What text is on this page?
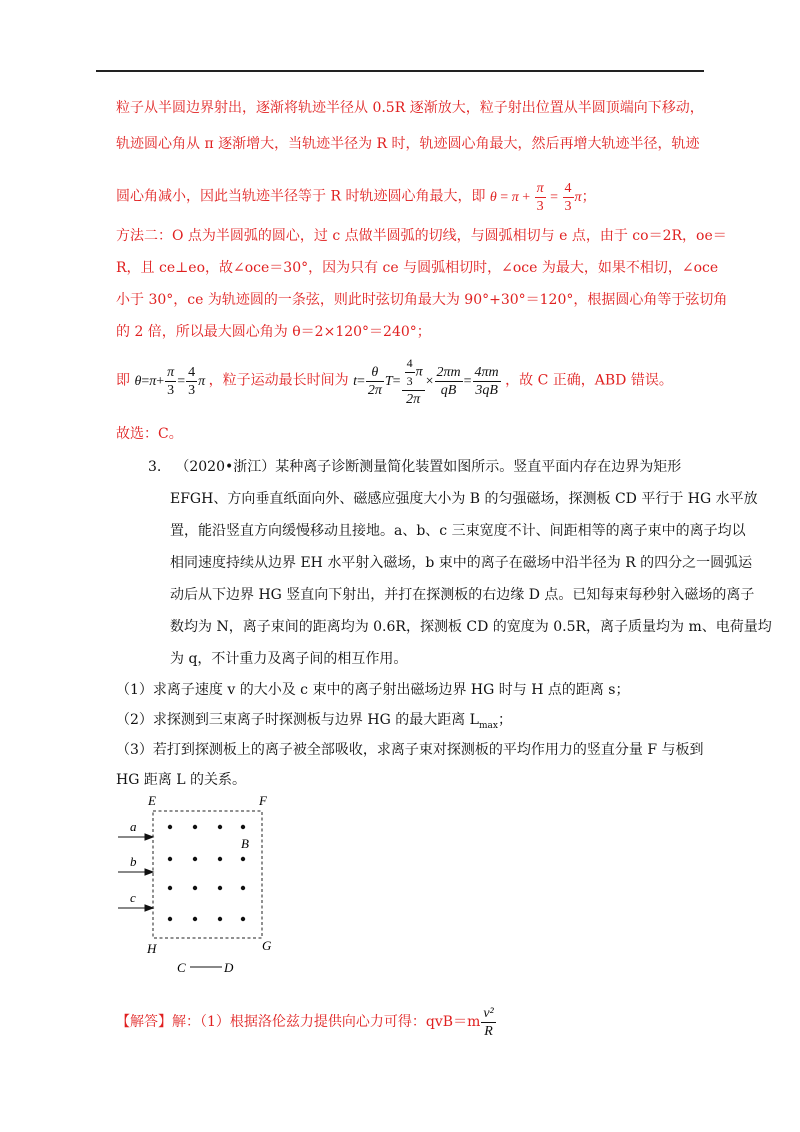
粒子从半圆边界射出，逐渐将轨迹半径从 0.5R 逐渐放大，粒子射出位置从半圆顶端向下移动，
轨迹圆心角从 π 逐渐增大，当轨迹半径为 R 时，轨迹圆心角最大，然后再增大轨迹半径，轨迹
圆心角减小，因此当轨迹半径等于 R 时轨迹圆心角最大，即 $\theta = \pi + \frac{\pi}{3} = \frac{4}{3}$ π；
方法二：O 点为半圆弧的圆心，过 c 点做半圆弧的切线，与圆弧相切与 e 点，由于 co＝2R，oe＝
R，且 ce⊥eo，故∠oce＝30°，因为只有 ce 与圆弧相切时，∠oce 为最大，如果不相切，∠oce
小于 30°，ce 为轨迹圆的一条弦，则此时弦切角最大为 90°+30°＝120°，根据圆心角等于弦切角
的 2 倍，所以最大圆心角为 θ＝2×120°＝240°；
即 $\theta=\pi+ \frac{\pi}{3} = \frac{4}{3}$ π ，粒子运动最长时间为 $t= \frac{\theta}{2\pi} T= \frac{\frac{4}{3} \pi}{2\pi} \times \frac{2\pi m}{qB} = \frac{4\pi m}{3qB}$ ，故 C 正确，ABD 错误。
故选：C。
3. （2020•浙江）某种离子诊断测量简化装置如图所示。竖直平面内存在边界为矩形
EFGH、方向垂直纸面向外、磁感应强度大小为 B 的匀强磁场，探测板 CD 平行于 HG 水平放
置，能沿竖直方向缓慢移动且接地。a、b、c 三束宽度不计、间距相等的离子束中的离子均以
相同速度持续从边界 EH 水平射入磁场，b 束中的离子在磁场中沿半径为 R 的四分之一圆弧运
动后从下边界 HG 竖直向下射出，并打在探测板的右边缘 D 点。已知每束每秒射入磁场的离子
数均为 N，离子束间的距离均为 0.6R，探测板 CD 的宽度为 0.5R，离子质量均为 m、电荷量均
为 q，不计重力及离子间的相互作用。
（1）求离子速度 v 的大小及 c 束中的离子射出磁场边界 HG 时与 H 点的距离 s；
（2）求探测到三束离子时探测板与边界 HG 的最大距离 $L_{max}$；
（3）若打到探测板上的离子被全部吸收，求离子束对探测板的平均作用力的竖直分量 F 与板到
HG 距离 L 的关系。
E	F
G
H
a
b
c
B
C	D
【解答】解：（1）根据洛伦兹力提供向心力可得：$qvB=m \frac{\text{v²}}{R}$
